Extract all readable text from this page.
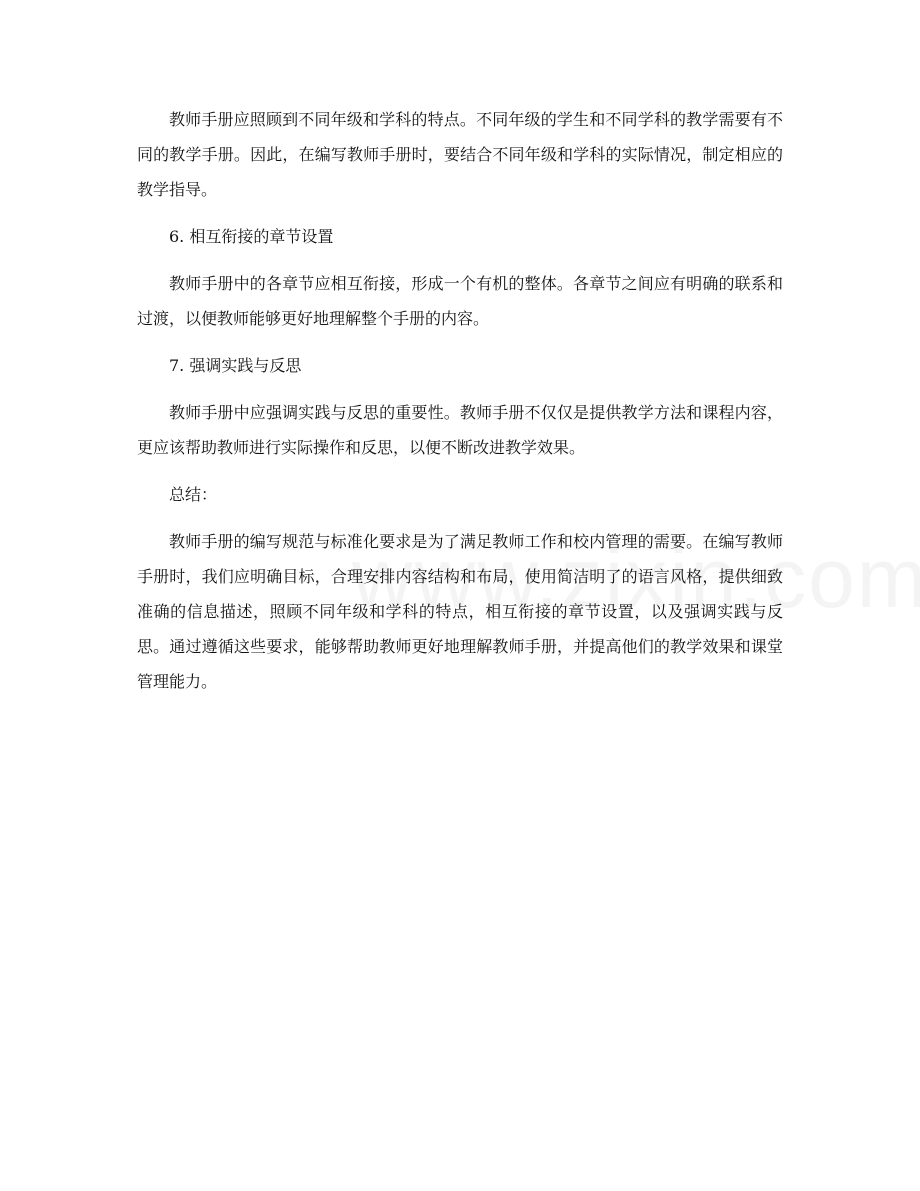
教师手册应照顾到不同年级和学科的特点。不同年级的学生和不同学科的教学需要有不同的教学手册。因此，在编写教师手册时，要结合不同年级和学科的实际情况，制定相应的教学指导。

6. 相互衔接的章节设置

教师手册中的各章节应相互衔接，形成一个有机的整体。各章节之间应有明确的联系和过渡，以便教师能够更好地理解整个手册的内容。

7. 强调实践与反思

教师手册中应强调实践与反思的重要性。教师手册不仅仅是提供教学方法和课程内容，更应该帮助教师进行实际操作和反思，以便不断改进教学效果。

总结：

教师手册的编写规范与标准化要求是为了满足教师工作和校内管理的需要。在编写教师手册时，我们应明确目标，合理安排内容结构和布局，使用简洁明了的语言风格，提供细致准确的信息描述，照顾不同年级和学科的特点，相互衔接的章节设置，以及强调实践与反思。通过遵循这些要求，能够帮助教师更好地理解教师手册，并提高他们的教学效果和课堂管理能力。
